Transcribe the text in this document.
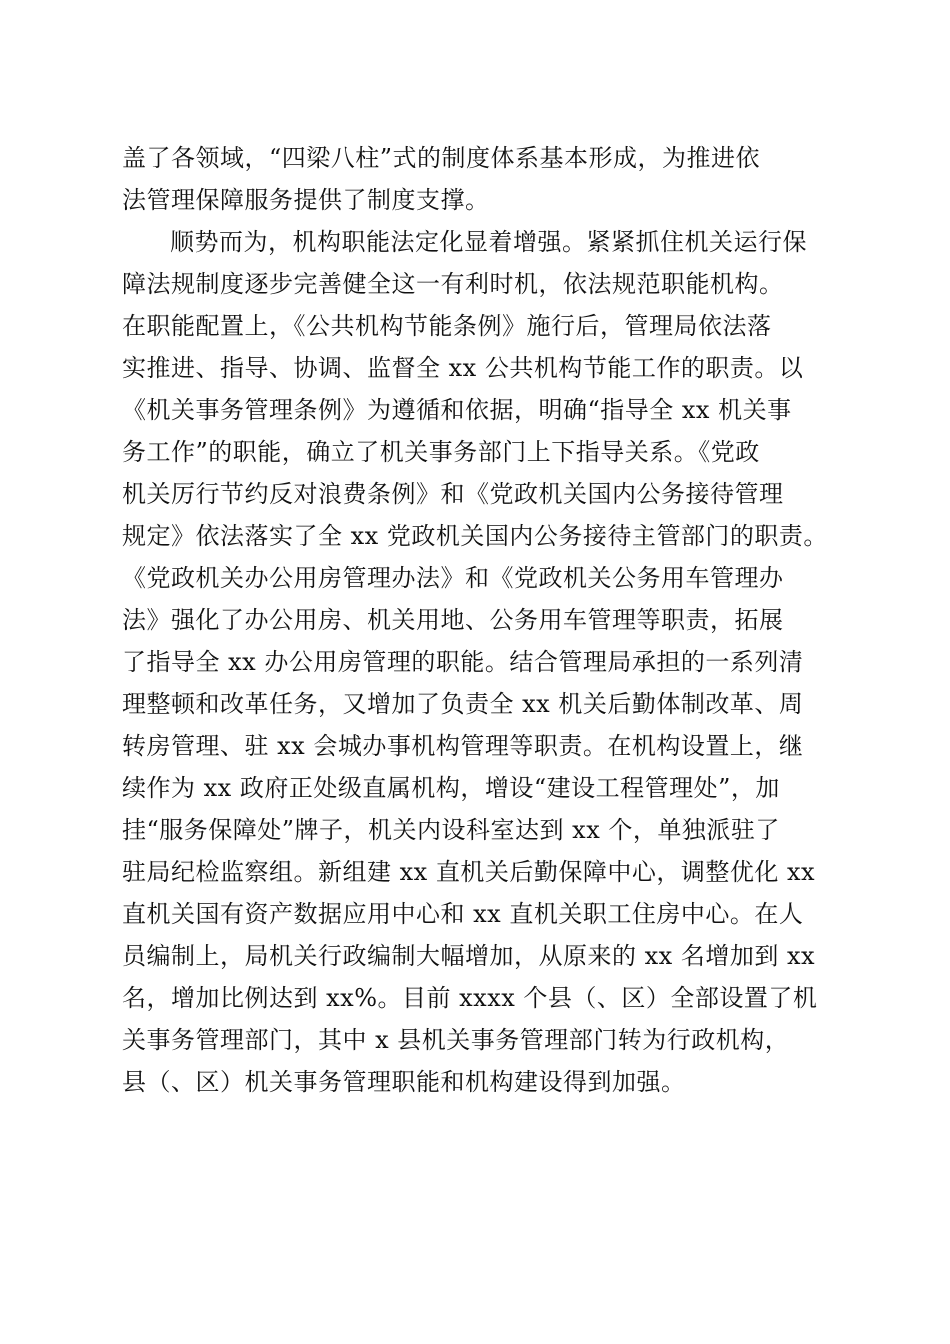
盖了各领域，“四梁八柱”式的制度体系基本形成，为推进依
法管理保障服务提供了制度支撑。
顺势而为，机构职能法定化显着增强。紧紧抓住机关运行保
障法规制度逐步完善健全这一有利时机，依法规范职能机构。
在职能配置上，《公共机构节能条例》施行后，管理局依法落
实推进、指导、协调、监督全 xx 公共机构节能工作的职责。以
《机关事务管理条例》为遵循和依据，明确“指导全 xx 机关事
务工作”的职能，确立了机关事务部门上下指导关系。《党政
机关厉行节约反对浪费条例》和《党政机关国内公务接待管理
规定》依法落实了全 xx 党政机关国内公务接待主管部门的职责。
《党政机关办公用房管理办法》和《党政机关公务用车管理办
法》强化了办公用房、机关用地、公务用车管理等职责，拓展
了指导全 xx 办公用房管理的职能。结合管理局承担的一系列清
理整顿和改革任务，又增加了负责全 xx 机关后勤体制改革、周
转房管理、驻 xx 会城办事机构管理等职责。在机构设置上，继
续作为 xx 政府正处级直属机构，增设“建设工程管理处”，加
挂“服务保障处”牌子，机关内设科室达到 xx 个，单独派驻了
驻局纪检监察组。新组建 xx 直机关后勤保障中心，调整优化 xx
直机关国有资产数据应用中心和 xx 直机关职工住房中心。在人
员编制上，局机关行政编制大幅增加，从原来的 xx 名增加到 xx
名，增加比例达到 xx%。目前 xxxx 个县（、区）全部设置了机
关事务管理部门，其中 x 县机关事务管理部门转为行政机构，
县（、区）机关事务管理职能和机构建设得到加强。
